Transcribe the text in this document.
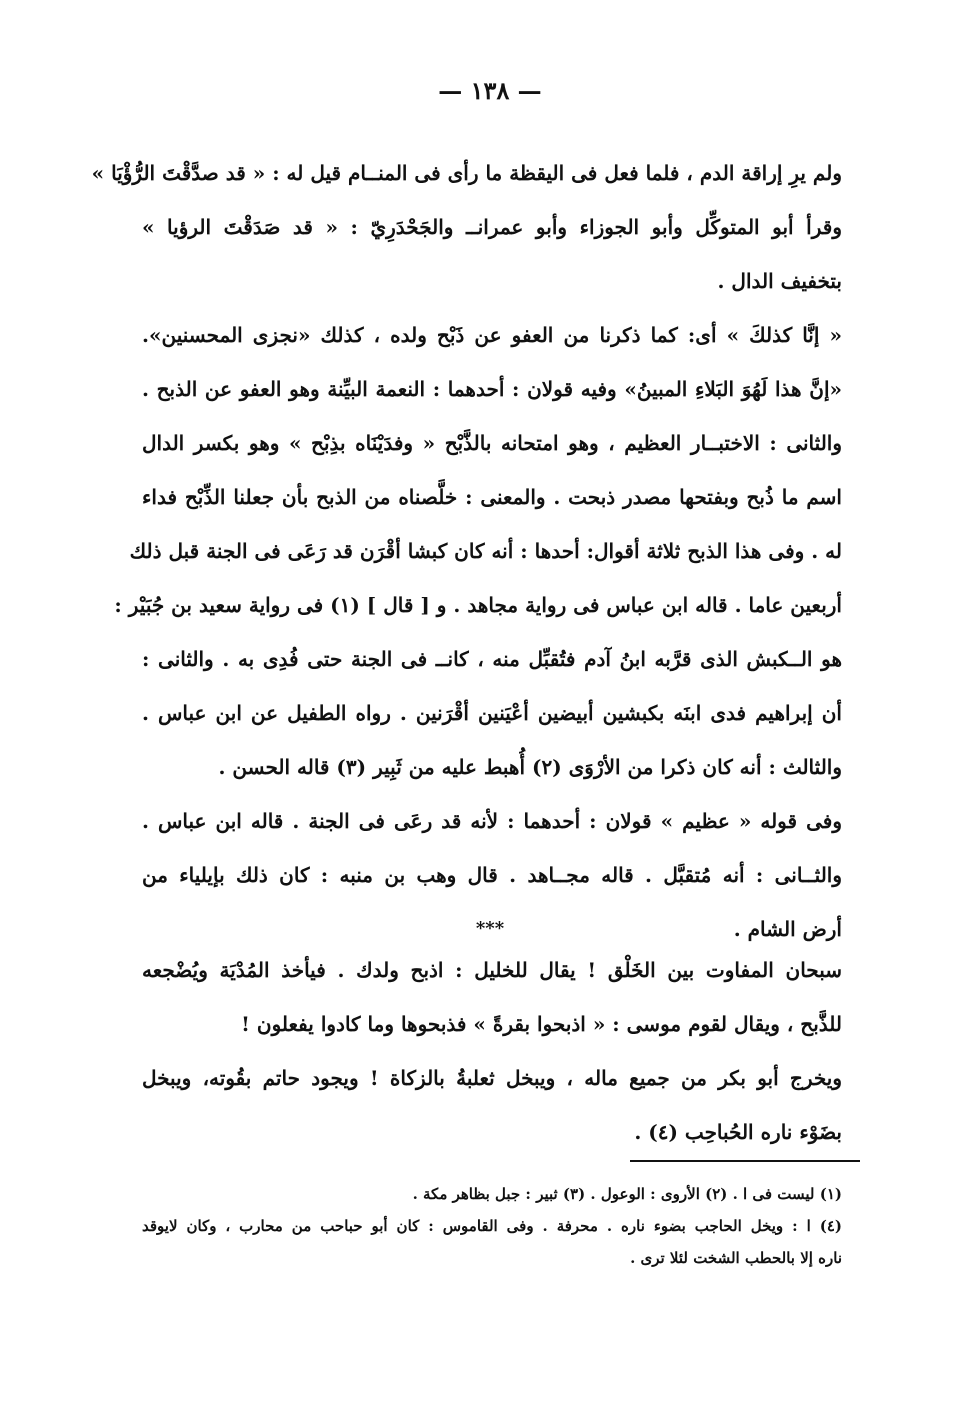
— ١٣٨ —
ولم يرِ إراقة الدم ، فلما فعل فى اليقظة ما رأى فى المنــام قيل له : « قد صدَّقْتَ الرُّؤْيَا »
وقرأ أبو المتوكِّل وأبو الجوزاء وأبو عمرانــ والجَحْدَرِيّ : « قد صَدَقْتَ الرؤيا »
بتخفيف الدال .
« إنَّا كذلكَ » أى: كما ذكرنا من العفو عن ذَبْح ولده ، كذلك «نجزى المحسنين».
«إنَّ هذا لَهُوَ البَلاءِ المبينُ» وفيه قولان : أحدهما : النعمة البيِّنة وهو العفو عن الذبح .
والثانى : الاختبــار العظيم ، وهو امتحانه بالذَّبْح « وفدَيْنَاه بذِبْح » وهو بكسر الدال
اسم ما ذُبح وبفتحها مصدر ذبحت . والمعنى : خلَّصناه من الذبح بأن جعلنا الذِّبْح فداء
له . وفى هذا الذبح ثلاثة أقوال: أحدها : أنه كان كبشا أقْرَن قد رَعَى فى الجنة قبل ذلك
أربعين عاما . قاله ابن عباس فى رواية مجاهد . و [ قال ] (١) فى رواية سعيد بن جُبَيْر :
هو الــكبش الذى قرَّبه ابنُ آدم فتُقبِّل منه ، كانــ فى الجنة حتى فُدِى به . والثانى :
أن إبراهيم فدى ابنَه بكبشين أبيضين أعْيَنين أقْرَنين . رواه الطفيل عن ابن عباس .
والثالث : أنه كان ذكرا من الأرْوَى (٢) أُهبط عليه من ثَبِير (٣) قاله الحسن .
وفى قوله « عظيم » قولان : أحدهما : لأنه قد رعَى فى الجنة . قاله ابن عباس .
والثــانى : أنه مُتقبَّل . قاله مجــاهد . قال وهب بن منبه : كان ذلك بإيلياء من
أرض الشام .
***
سبحان المفاوت بين الخَلْق ! يقال للخليل : اذبح ولدك . فيأخذ المُدْيَة ويُضْجعه
للذَّبح ، ويقال لقوم موسى : « اذبحوا بقرةً » فذبحوها وما كادوا يفعلون !
ويخرج أبو بكر من جميع ماله ، ويبخل ثعلبةُ بالزكاة ! ويجود حاتم بقُوته، ويبخل
بضَوْء ناره الحُباحِب (٤) .
(١) ليست فى ا . (٢) الأروى : الوعول . (٣) ثبير : جبل بظاهر مكة .
(٤) ا : ويخل الحاجب بضوء ناره . محرفة . وفى القاموس : كان أبو حباحب من محارب ، وكان لايوقد
ناره إلا بالحطب الشخت لئلا ترى .
